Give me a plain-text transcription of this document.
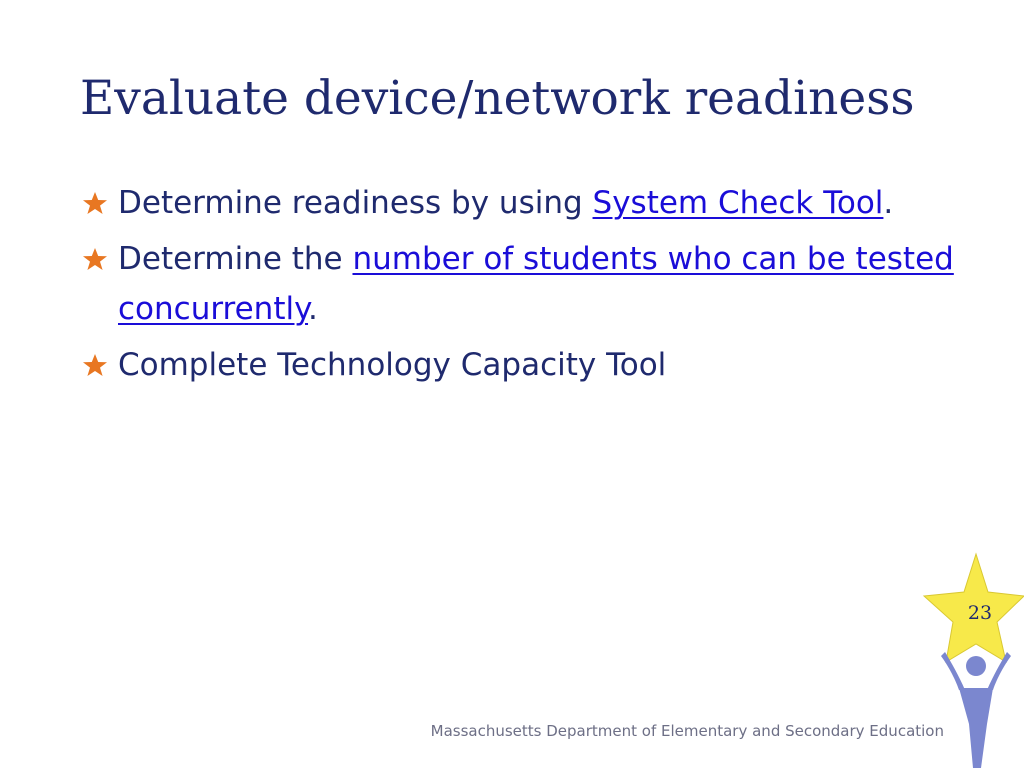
Evaluate device/network readiness
Determine readiness by using System Check Tool.
Determine the number of students who can be tested concurrently.
Complete Technology Capacity Tool
23
Massachusetts Department of Elementary and Secondary Education
